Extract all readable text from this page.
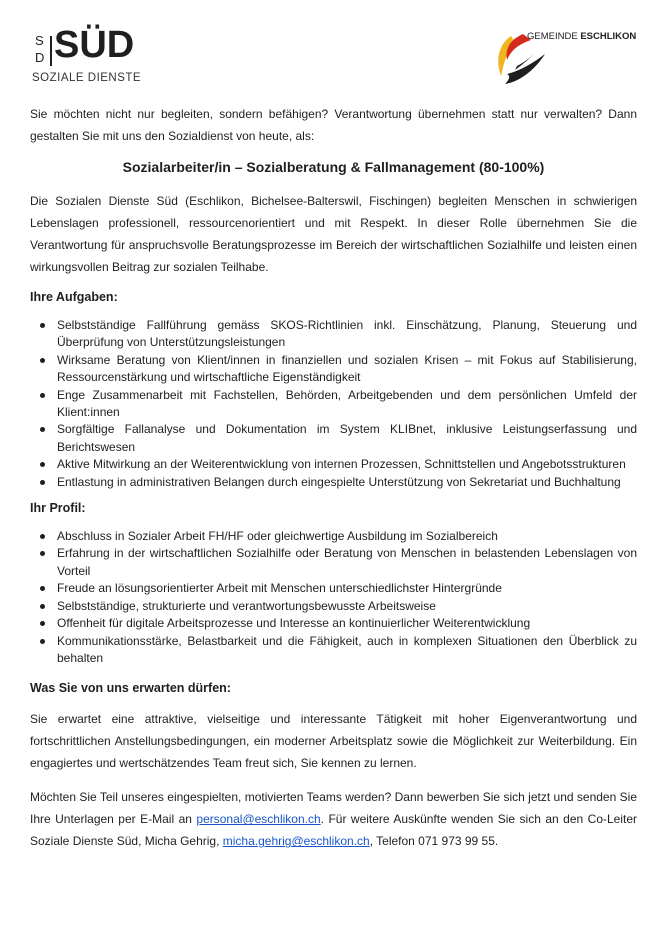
S
D SÜD
SOZIALE DIENSTE
GEMEINDE ESCHLIKON

Sie möchten nicht nur begleiten, sondern befähigen? Verantwortung übernehmen statt nur verwalten? Dann gestalten Sie mit uns den Sozialdienst von heute, als:

Sozialarbeiter/in – Sozialberatung & Fallmanagement (80-100%)

Die Sozialen Dienste Süd (Eschlikon, Bichelsee-Balterswil, Fischingen) begleiten Menschen in schwierigen Lebenslagen professionell, ressourcenorientiert und mit Respekt. In dieser Rolle übernehmen Sie die Verantwortung für anspruchsvolle Beratungsprozesse im Bereich der wirtschaftlichen Sozialhilfe und leisten einen wirkungsvollen Beitrag zur sozialen Teilhabe.

Ihre Aufgaben:
Selbstständige Fallführung gemäss SKOS-Richtlinien inkl. Einschätzung, Planung, Steuerung und Überprüfung von Unterstützungsleistungen
Wirksame Beratung von Klient/innen in finanziellen und sozialen Krisen – mit Fokus auf Stabilisierung, Ressourcenstärkung und wirtschaftliche Eigenständigkeit
Enge Zusammenarbeit mit Fachstellen, Behörden, Arbeitgebenden und dem persönlichen Umfeld der Klient:innen
Sorgfältige Fallanalyse und Dokumentation im System KLIBnet, inklusive Leistungserfassung und Berichtswesen
Aktive Mitwirkung an der Weiterentwicklung von internen Prozessen, Schnittstellen und Angebotsstrukturen
Entlastung in administrativen Belangen durch eingespielte Unterstützung von Sekretariat und Buchhaltung
Ihr Profil:
Abschluss in Sozialer Arbeit FH/HF oder gleichwertige Ausbildung im Sozialbereich
Erfahrung in der wirtschaftlichen Sozialhilfe oder Beratung von Menschen in belastenden Lebenslagen von Vorteil
Freude an lösungsorientierter Arbeit mit Menschen unterschiedlichster Hintergründe
Selbstständige, strukturierte und verantwortungsbewusste Arbeitsweise
Offenheit für digitale Arbeitsprozesse und Interesse an kontinuierlicher Weiterentwicklung
Kommunikationsstärke, Belastbarkeit und die Fähigkeit, auch in komplexen Situationen den Überblick zu behalten
Was Sie von uns erwarten dürfen:

Sie erwartet eine attraktive, vielseitige und interessante Tätigkeit mit hoher Eigenverantwortung und fortschrittlichen Anstellungsbedingungen, ein moderner Arbeitsplatz sowie die Möglichkeit zur Weiterbildung. Ein engagiertes und wertschätzendes Team freut sich, Sie kennen zu lernen.

Möchten Sie Teil unseres eingespielten, motivierten Teams werden? Dann bewerben Sie sich jetzt und senden Sie Ihre Unterlagen per E-Mail an personal@eschlikon.ch. Für weitere Auskünfte wenden Sie sich an den Co-Leiter Soziale Dienste Süd, Micha Gehrig, micha.gehrig@eschlikon.ch, Telefon 071 973 99 55.
